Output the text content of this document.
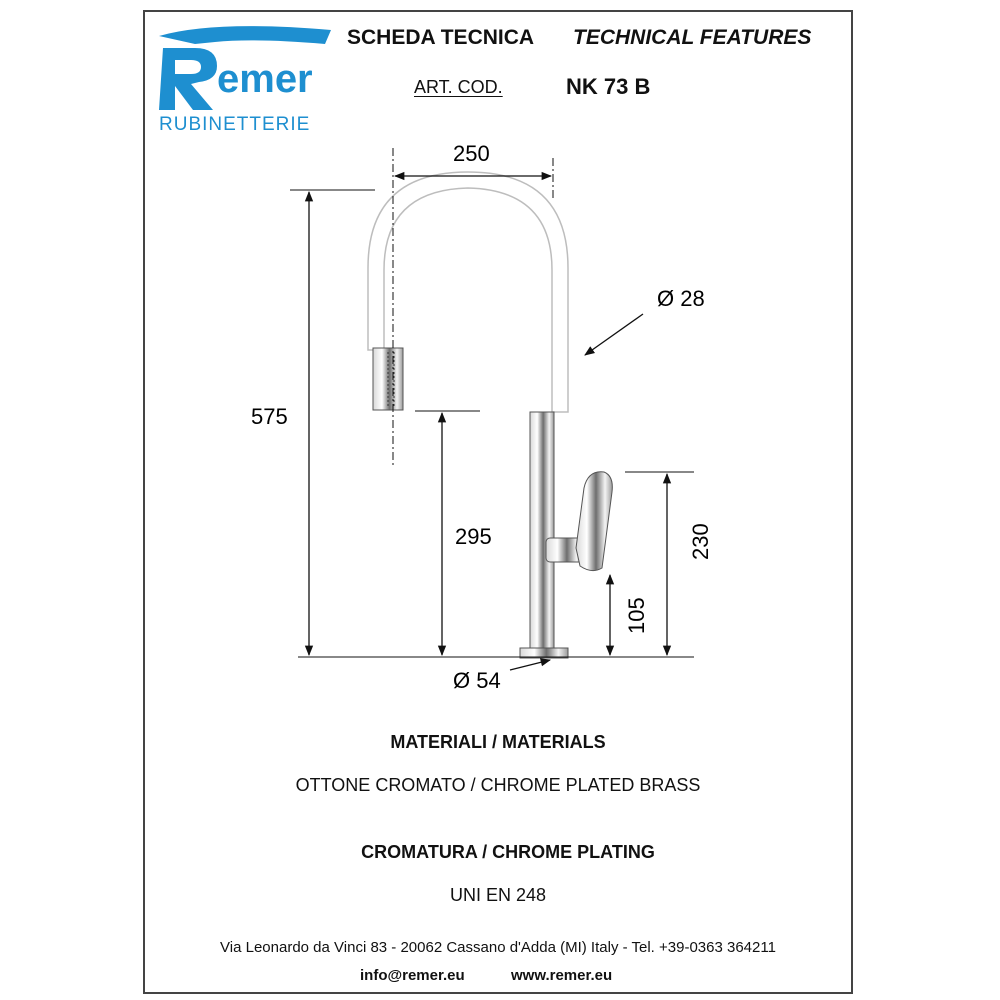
emer
RUBINETTERIE
SCHEDA TECNICA TECHNICAL FEATURES
ART. COD.	NK 73 B
250
575
295
Ø 28
Ø 54
230
105
MATERIALI / MATERIALS
OTTONE CROMATO / CHROME PLATED BRASS
CROMATURA / CHROME PLATING
UNI EN 248
Via Leonardo da Vinci 83 - 20062 Cassano d'Adda (MI) Italy - Tel. +39-0363 364211
info@remer.eu	www.remer.eu
